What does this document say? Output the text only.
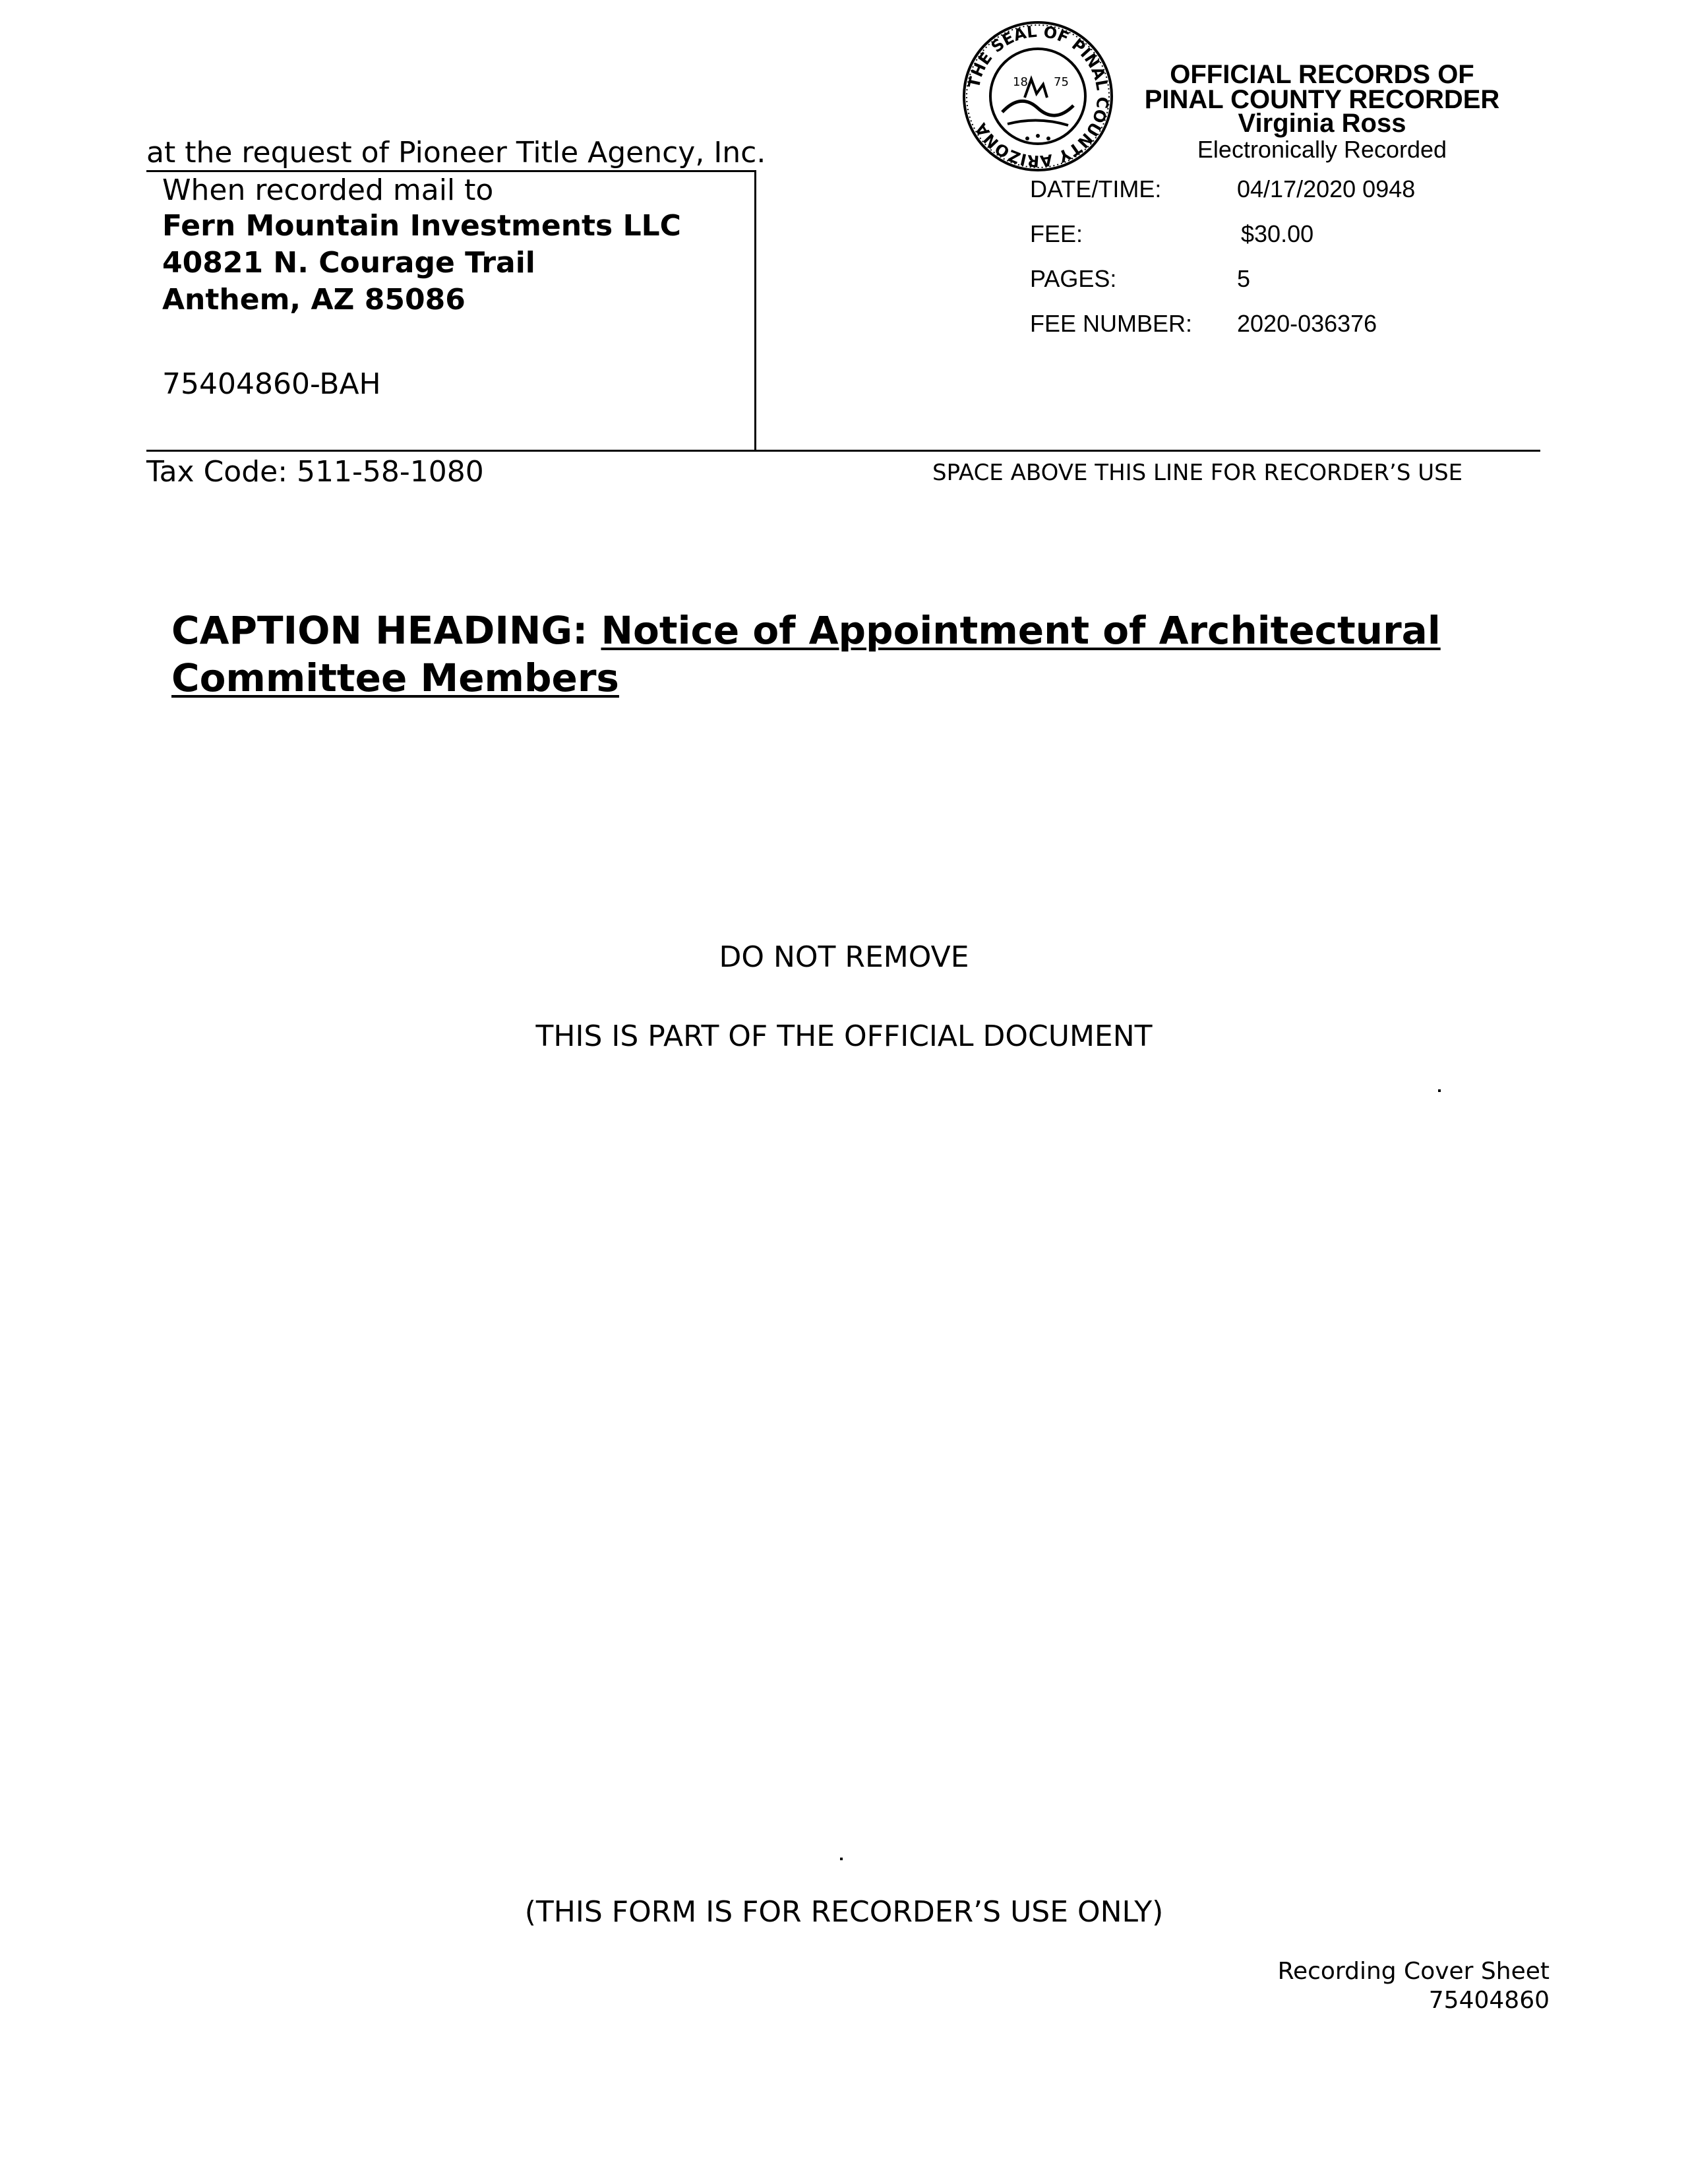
at the request of Pioneer Title Agency, Inc.
When recorded mail to
Fern Mountain Investments LLC
40821 N. Courage Trail
Anthem, AZ 85086
75404860-BAH
THE SEAL OF PINAL COUNTY ARIZONA
18 75	OFFICIAL RECORDS OF
PINAL COUNTY RECORDER
Virginia Ross
Electronically Recorded
DATE/TIME:	04/17/2020 0948
FEE:	$30.00
PAGES:	5
FEE NUMBER: 2020-036376
Tax Code: 511-58-1080	SPACE ABOVE THIS LINE FOR RECORDER’S USE
CAPTION HEADING: Notice of Appointment of Architectural Committee Members
DO NOT REMOVE
THIS IS PART OF THE OFFICIAL DOCUMENT
(THIS FORM IS FOR RECORDER’S USE ONLY)
Recording Cover Sheet
75404860
